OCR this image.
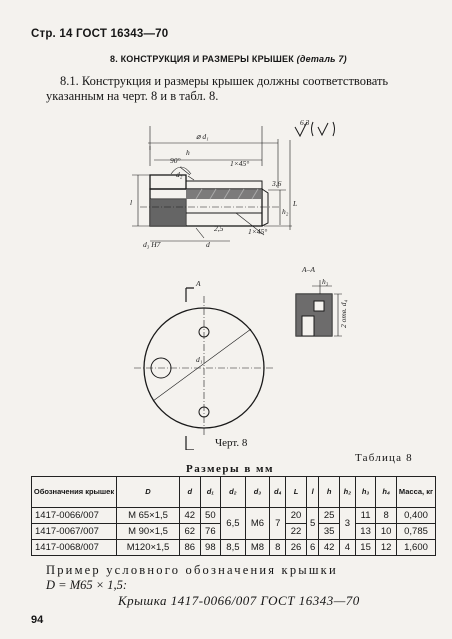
Стр. 14 ГОСТ 16343—70
8. КОНСТРУКЦИЯ И РАЗМЕРЫ КРЫШЕК (деталь 7)
8.1. Конструкция и размеры крышек должны соответствовать
указанным на черт. 8 и в табл. 8.
6,3
⌀ d₁
h
90°	1×45°
d₂
3,6
h₂
L
l
1×45°
2,5
d₃ H7	d
А–А
h₃
2 отв. d₄
А
d₁
Черт. 8
Таблица 8
Размеры в мм
Обозначения крышек	D	d	d₁	d₂	d₃	d₄	L	l	h	h₂	h₃	h₄	Масса, кг
1417-0066/007	M 65×1,5	42	50	6,5	M6	7	20	5	25	3	11	8	0,400
1417-0067/007	M 90×1,5	62	76				22		35		13	10	0,785
1417-0068/007	M120×1,5	86	98	8,5	M8	8	26	6	42	4	15	12	1,600
Пример условного обозначения крышки
D = M65 × 1,5:
Крышка 1417-0066/007 ГОСТ 16343—70
94
